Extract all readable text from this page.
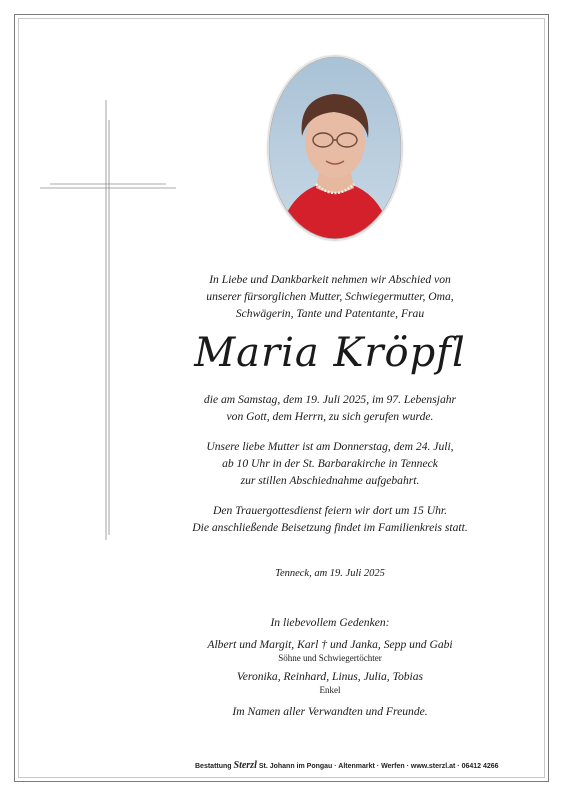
In Liebe und Dankbarkeit nehmen wir Abschied von
unserer fürsorglichen Mutter, Schwiegermutter, Oma,
Schwägerin, Tante und Patentante, Frau
Maria Kröpfl
die am Samstag, dem 19. Juli 2025, im 97. Lebensjahr
von Gott, dem Herrn, zu sich gerufen wurde.
Unsere liebe Mutter ist am Donnerstag, dem 24. Juli,
ab 10 Uhr in der St. Barbarakirche in Tenneck
zur stillen Abschiednahme aufgebahrt.
Den Trauergottesdienst feiern wir dort um 15 Uhr.
Die anschließende Beisetzung findet im Familienkreis statt.
Tenneck, am 19. Juli 2025
In liebevollem Gedenken:
Albert und Margit, Karl † und Janka, Sepp und Gabi
Söhne und Schwiegertöchter
Veronika, Reinhard, Linus, Julia, Tobias
Enkel
Im Namen aller Verwandten und Freunde.
Bestattung Sterzl St. Johann im Pongau · Altenmarkt · Werfen · www.sterzl.at · 06412 4266
